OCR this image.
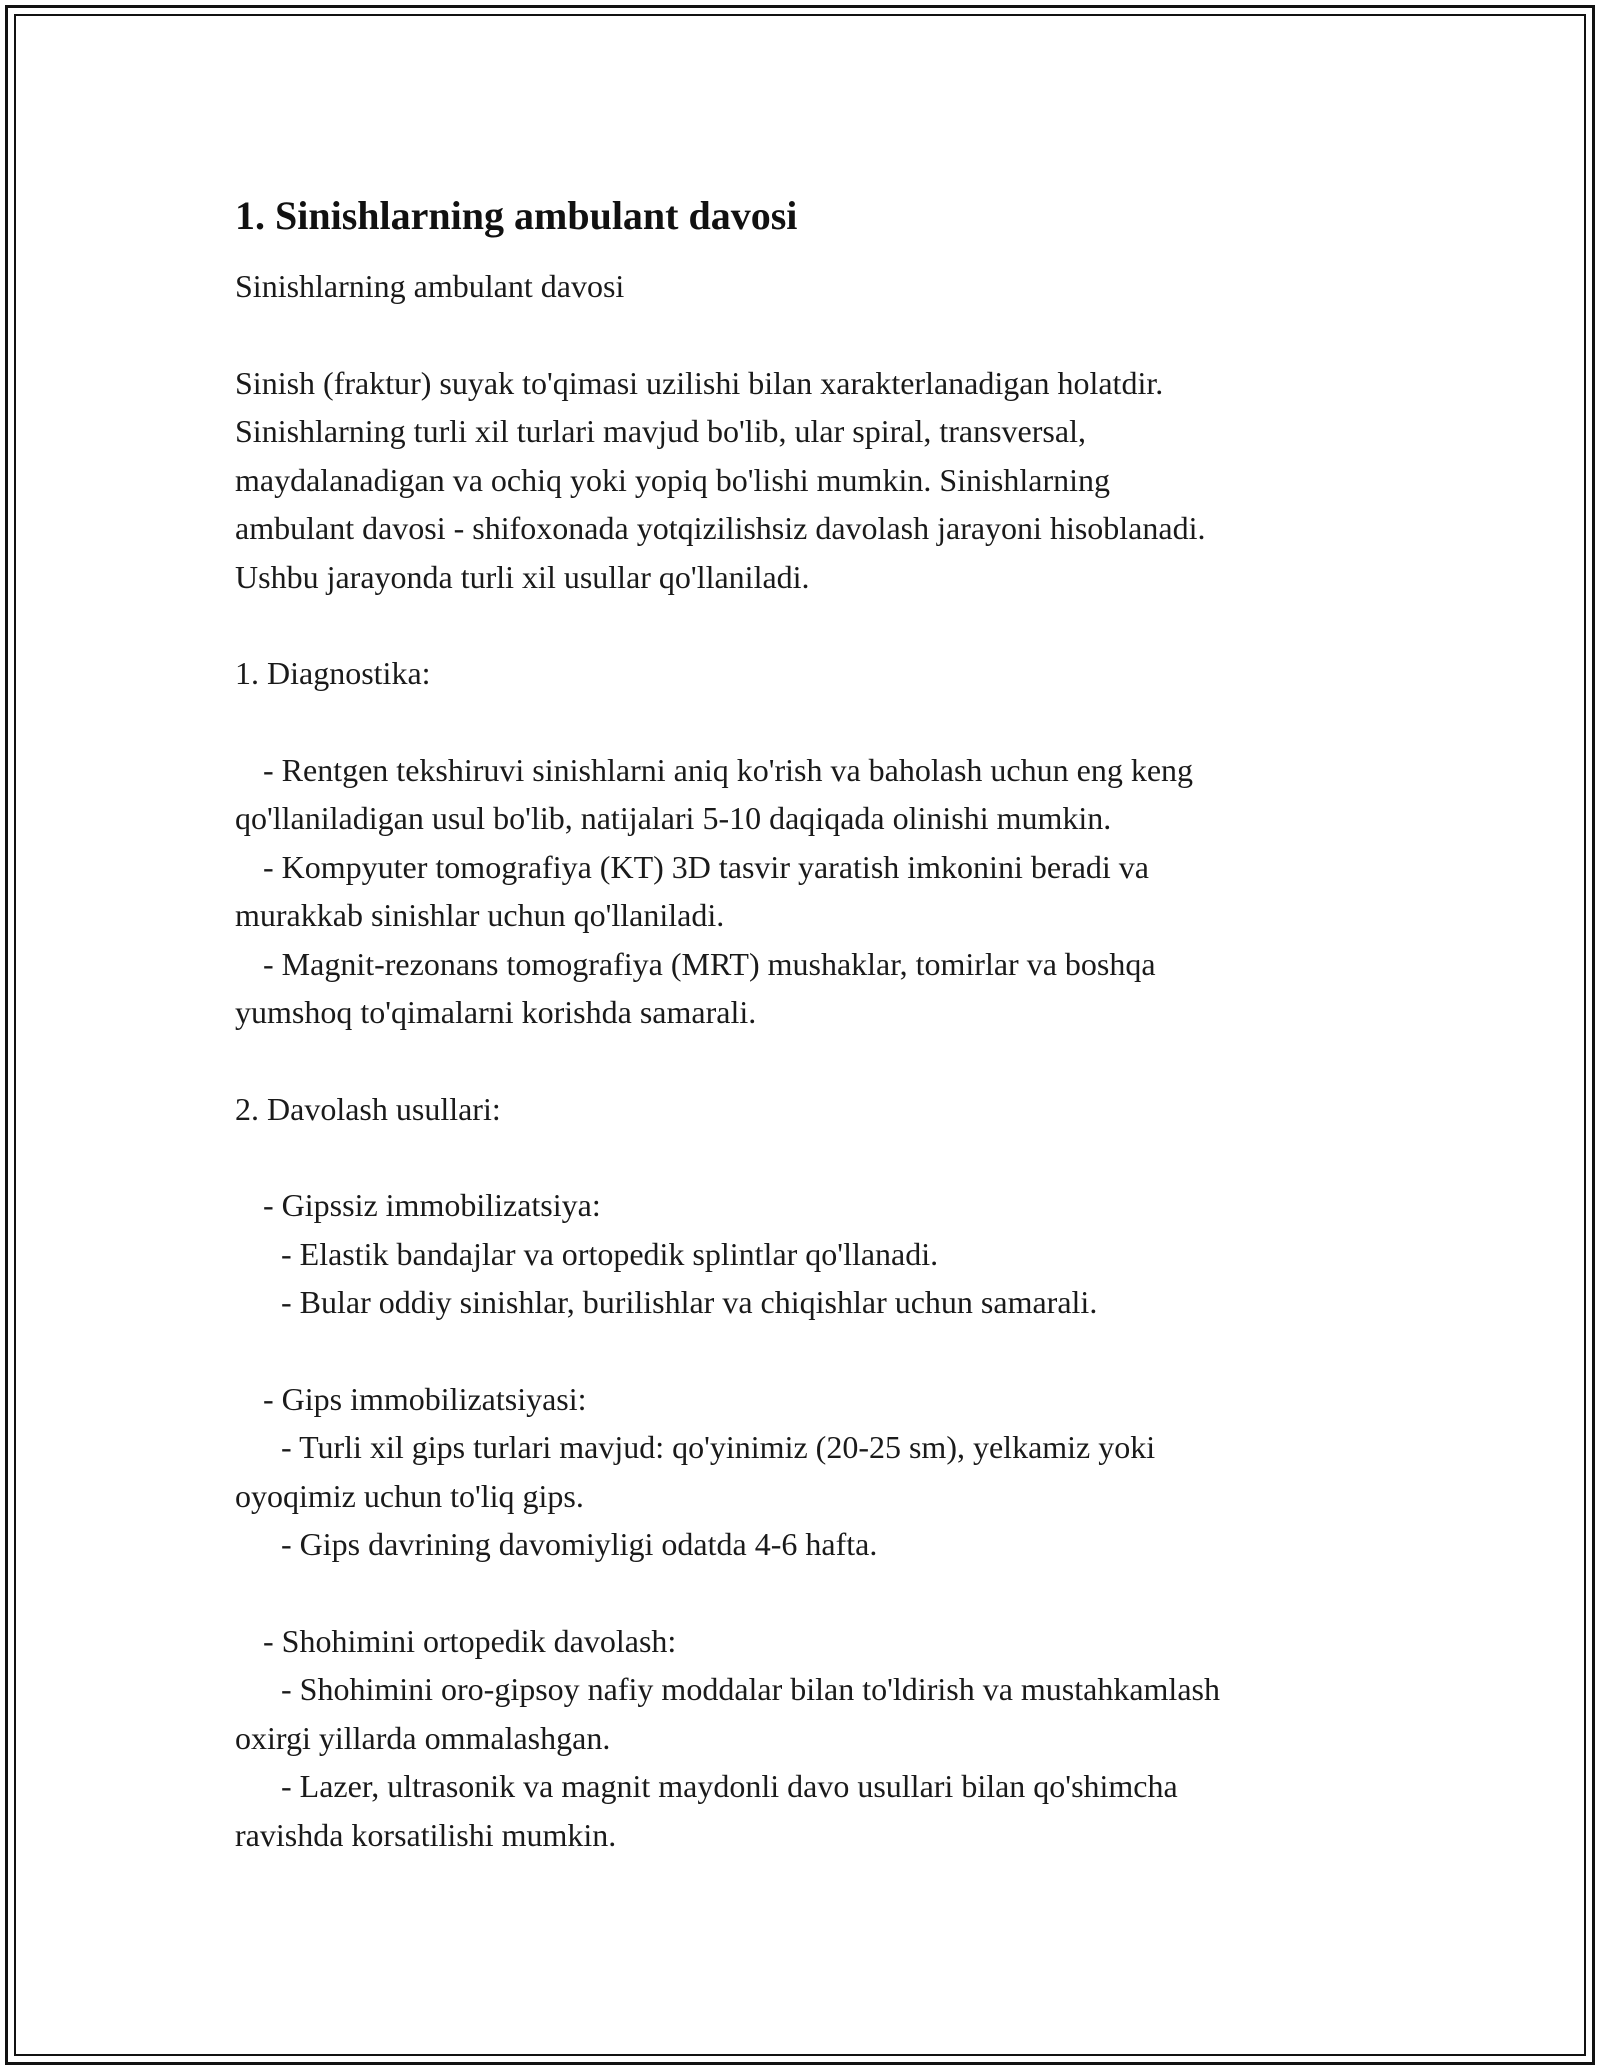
1. Sinishlarning ambulant davosi
Sinishlarning ambulant davosi
Sinish (fraktur) suyak to'qimasi uzilishi bilan xarakterlanadigan holatdir.
Sinishlarning turli xil turlari mavjud bo'lib, ular spiral, transversal,
maydalanadigan va ochiq yoki yopiq bo'lishi mumkin. Sinishlarning
ambulant davosi - shifoxonada yotqizilishsiz davolash jarayoni hisoblanadi.
Ushbu jarayonda turli xil usullar qo'llaniladi.
1. Diagnostika:
- Rentgen tekshiruvi sinishlarni aniq ko'rish va baholash uchun eng keng
qo'llaniladigan usul bo'lib, natijalari 5-10 daqiqada olinishi mumkin.
- Kompyuter tomografiya (KT) 3D tasvir yaratish imkonini beradi va
murakkab sinishlar uchun qo'llaniladi.
- Magnit-rezonans tomografiya (MRT) mushaklar, tomirlar va boshqa
yumshoq to'qimalarni korishda samarali.
2. Davolash usullari:
- Gipssiz immobilizatsiya:
- Elastik bandajlar va ortopedik splintlar qo'llanadi.
- Bular oddiy sinishlar, burilishlar va chiqishlar uchun samarali.
- Gips immobilizatsiyasi:
- Turli xil gips turlari mavjud: qo'yinimiz (20-25 sm), yelkamiz yoki
oyoqimiz uchun to'liq gips.
- Gips davrining davomiyligi odatda 4-6 hafta.
- Shohimini ortopedik davolash:
- Shohimini oro-gipsoy nafiy moddalar bilan to'ldirish va mustahkamlash
oxirgi yillarda ommalashgan.
- Lazer, ultrasonik va magnit maydonli davo usullari bilan qo'shimcha
ravishda korsatilishi mumkin.
